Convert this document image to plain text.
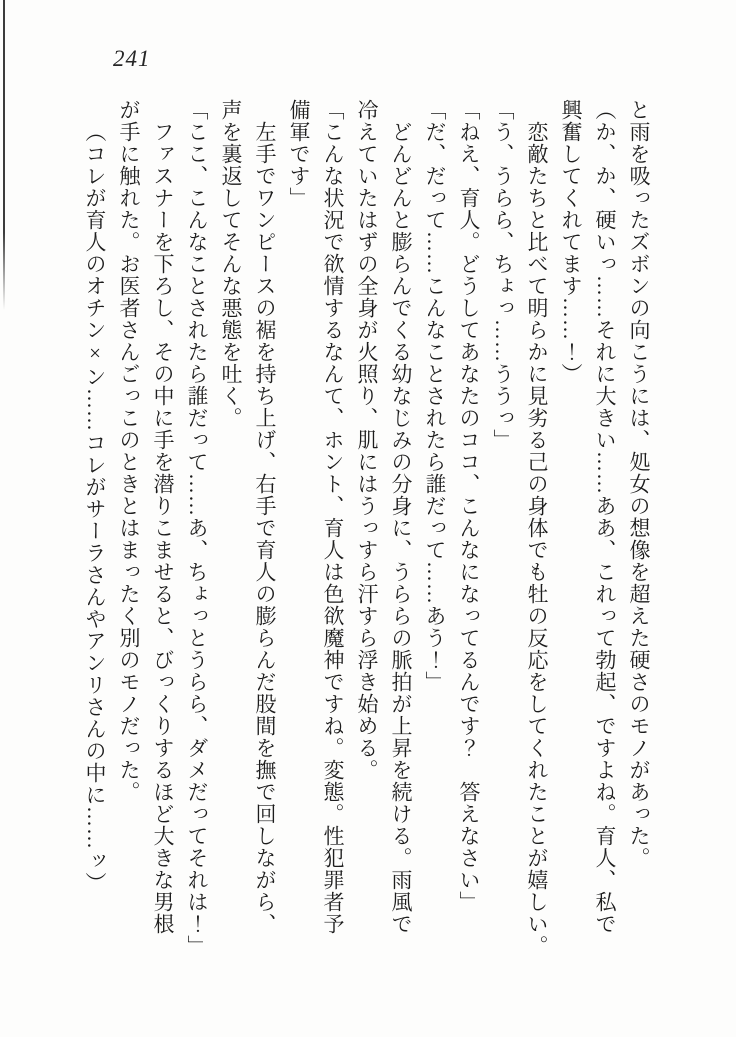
241
と雨を吸ったズボンの向こうには、処女の想像を超えた硬さのモノがあった。
（か、か、硬いっ……それに大きい……ああ、これって勃起、ですよね。育人、私で
興奮してくれてます……！）
恋敵たちと比べて明らかに見劣る己の身体でも牡の反応をしてくれたことが嬉しい。
「う、うらら、ちょっ……ううっ」
「ねえ、育人。どうしてあなたのココ、こんなになってるんです？　答えなさい」
「だ、だって……こんなことされたら誰だって……あう！」
どんどんと膨らんでくる幼なじみの分身に、うららの脈拍が上昇を続ける。雨風で
冷えていたはずの全身が火照り、肌にはうっすら汗すら浮き始める。
「こんな状況で欲情するなんて、ホント、育人は色欲魔神ですね。変態。性犯罪者予
備軍です」
左手でワンピースの裾を持ち上げ、右手で育人の膨らんだ股間を撫で回しながら、
声を裏返してそんな悪態を吐く。
「ここ、こんなことされたら誰だって……あ、ちょっとうらら、ダメだってそれは！」
ファスナーを下ろし、その中に手を潜りこませると、びっくりするほど大きな男根
が手に触れた。お医者さんごっこのときとはまったく別のモノだった。
（コレが育人のオチン×ン……コレがサーラさんやアンリさんの中に……ッ）
